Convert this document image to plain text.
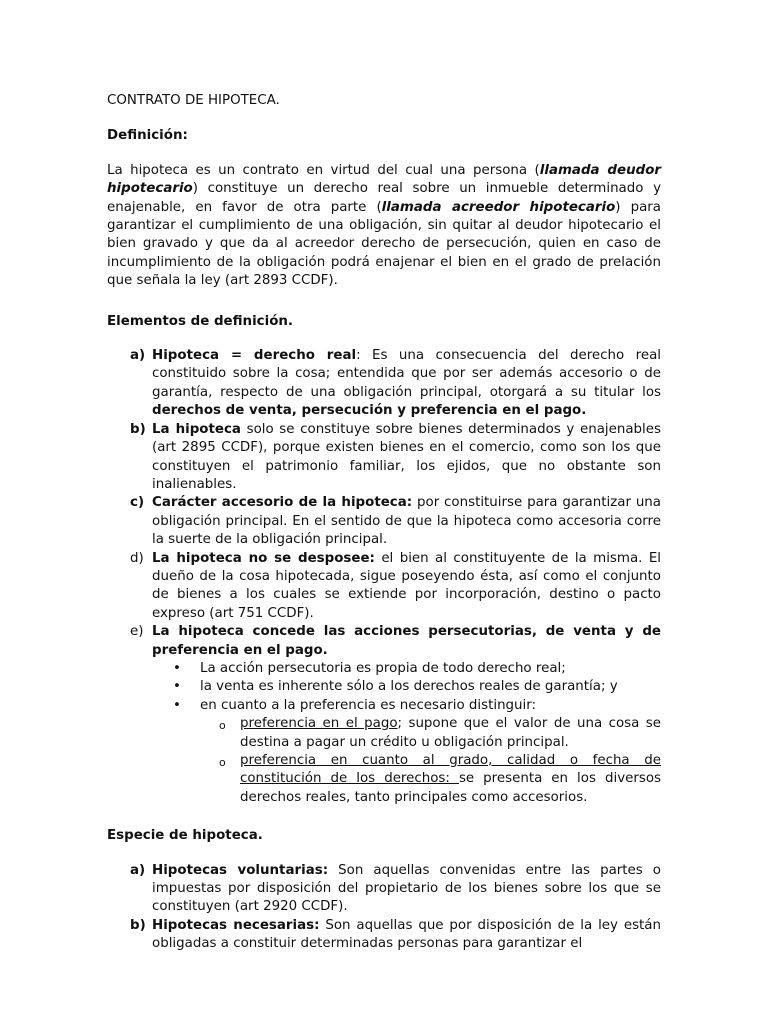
CONTRATO DE HIPOTECA.

Definición:

La hipoteca es un contrato en virtud del cual una persona (llamada deudor hipotecario) constituye un derecho real sobre un inmueble determinado y enajenable, en favor de otra parte (llamada acreedor hipotecario) para garantizar el cumplimiento de una obligación, sin quitar al deudor hipotecario el bien gravado y que da al acreedor derecho de persecución, quien en caso de incumplimiento de la obligación podrá enajenar el bien en el grado de prelación que señala la ley (art 2893 CCDF).

Elementos de definición.

a) Hipoteca = derecho real: Es una consecuencia del derecho real constituido sobre la cosa; entendida que por ser además accesorio o de garantía, respecto de una obligación principal, otorgará a su titular los derechos de venta, persecución y preferencia en el pago.
b) La hipoteca solo se constituye sobre bienes determinados y enajenables (art 2895 CCDF), porque existen bienes en el comercio, como son los que constituyen el patrimonio familiar, los ejidos, que no obstante son inalienables.
c) Carácter accesorio de la hipoteca: por constituirse para garantizar una obligación principal. En el sentido de que la hipoteca como accesoria corre la suerte de la obligación principal.
d) La hipoteca no se desposee: el bien al constituyente de la misma. El dueño de la cosa hipotecada, sigue poseyendo ésta, así como el conjunto de bienes a los cuales se extiende por incorporación, destino o pacto expreso (art 751 CCDF).
e) La hipoteca concede las acciones persecutorias, de venta y de preferencia en el pago.
• La acción persecutoria es propia de todo derecho real;
• la venta es inherente sólo a los derechos reales de garantía; y
• en cuanto a la preferencia es necesario distinguir:
o preferencia en el pago; supone que el valor de una cosa se destina a pagar un crédito u obligación principal.
o preferencia en cuanto al grado, calidad o fecha de constitución de los derechos: se presenta en los diversos derechos reales, tanto principales como accesorios.

Especie de hipoteca.

a) Hipotecas voluntarias: Son aquellas convenidas entre las partes o impuestas por disposición del propietario de los bienes sobre los que se constituyen (art 2920 CCDF).
b) Hipotecas necesarias: Son aquellas que por disposición de la ley están obligadas a constituir determinadas personas para garantizar el
